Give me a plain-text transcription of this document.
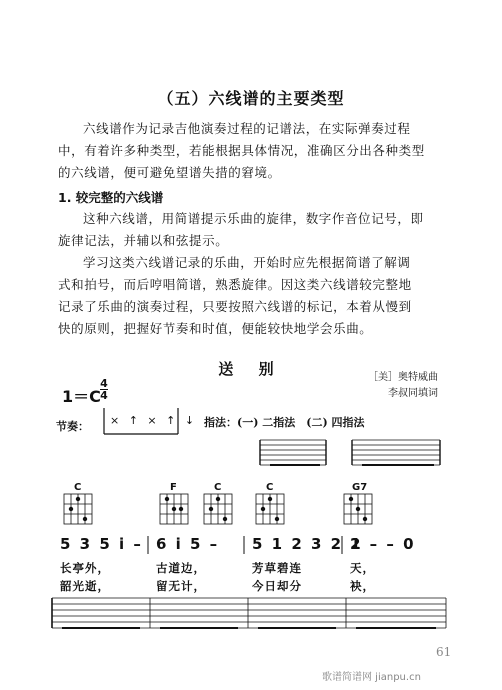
（五）六线谱的主要类型
六线谱作为记录吉他演奏过程的记谱法，在实际弹奏过程
中，有着许多种类型，若能根据具体情况，准确区分出各种类型
的六线谱，便可避免望谱失措的窘境。
1. 较完整的六线谱
这种六线谱，用简谱提示乐曲的旋律，数字作音位记号，即
旋律记法，并辅以和弦提示。
学习这类六线谱记录的乐曲，开始时应先根据简谱了解调
式和拍号，而后哼唱简谱，熟悉旋律。因这类六线谱较完整地
记录了乐曲的演奏过程，只要按照六线谱的标记，本着从慢到
快的原则，把握好节奏和时值，便能较快地学会乐曲。
送 别	［美］奥特威曲
李叔同填词
1＝C
4
4
节奏： × ↑ × ↑ ↓ 指法：(一) 二指法　(二) 四指法
C	F	C	C	G7
5 3 5 i – 6 i 5 – 5 1 2 3 2 1
2 – – 0
长亭外，	古道边，	芳草碧连	天，
韶光逝，	留无计，	今日却分	袂，
61
歌谱简谱网 jianpu.cn
